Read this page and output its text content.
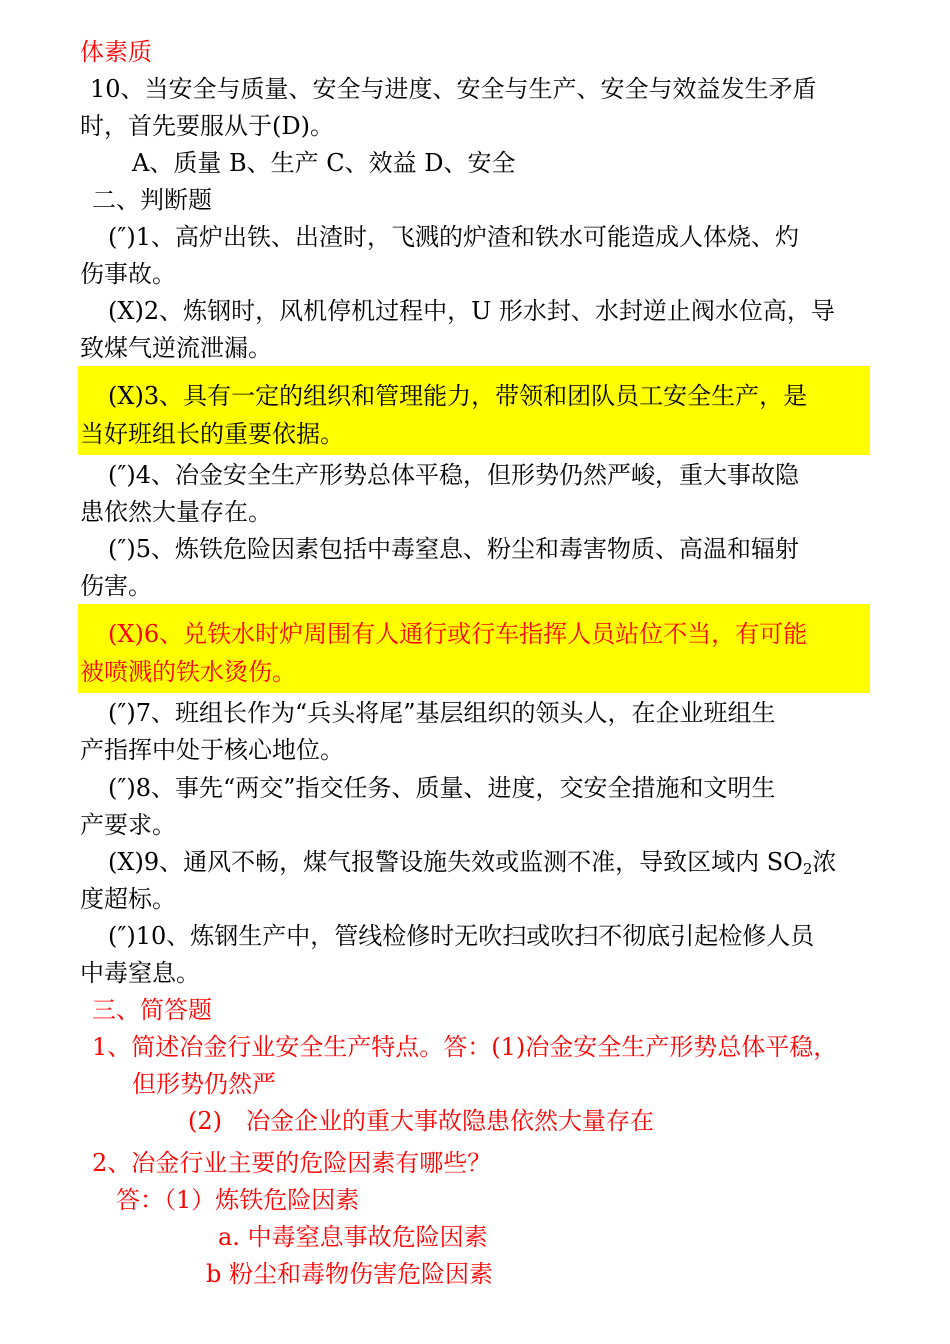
体素质
10、当安全与质量、安全与进度、安全与生产、安全与效益发生矛盾
时，首先要服从于(D)。
A、质量 B、生产 C、效益 D、安全
二、判断题
(″)1、高炉出铁、出渣时，飞溅的炉渣和铁水可能造成人体烧、灼
伤事故。
(X)2、炼钢时，风机停机过程中，U 形水封、水封逆止阀水位高，导
致煤气逆流泄漏。
(X)3、具有一定的组织和管理能力，带领和团队员工安全生产，是
当好班组长的重要依据。
(″)4、冶金安全生产形势总体平稳，但形势仍然严峻，重大事故隐
患依然大量存在。
(″)5、炼铁危险因素包括中毒窒息、粉尘和毒害物质、高温和辐射
伤害。
(X)6、兑铁水时炉周围有人通行或行车指挥人员站位不当，有可能
被喷溅的铁水烫伤。
(″)7、班组长作为“兵头将尾”基层组织的领头人，在企业班组生
产指挥中处于核心地位。
(″)8、事先“两交”指交任务、质量、进度，交安全措施和文明生
产要求。
(X)9、通风不畅，煤气报警设施失效或监测不准，导致区域内 $SO_2$浓
度超标。
(″)10、炼钢生产中，管线检修时无吹扫或吹扫不彻底引起检修人员
中毒窒息。
三、简答题
1、简述冶金行业安全生产特点。答：(1)冶金安全生产形势总体平稳，
但形势仍然严
(2)　冶金企业的重大事故隐患依然大量存在
2、冶金行业主要的危险因素有哪些？
答：（1）炼铁危险因素
a. 中毒窒息事故危险因素
b 粉尘和毒物伤害危险因素
